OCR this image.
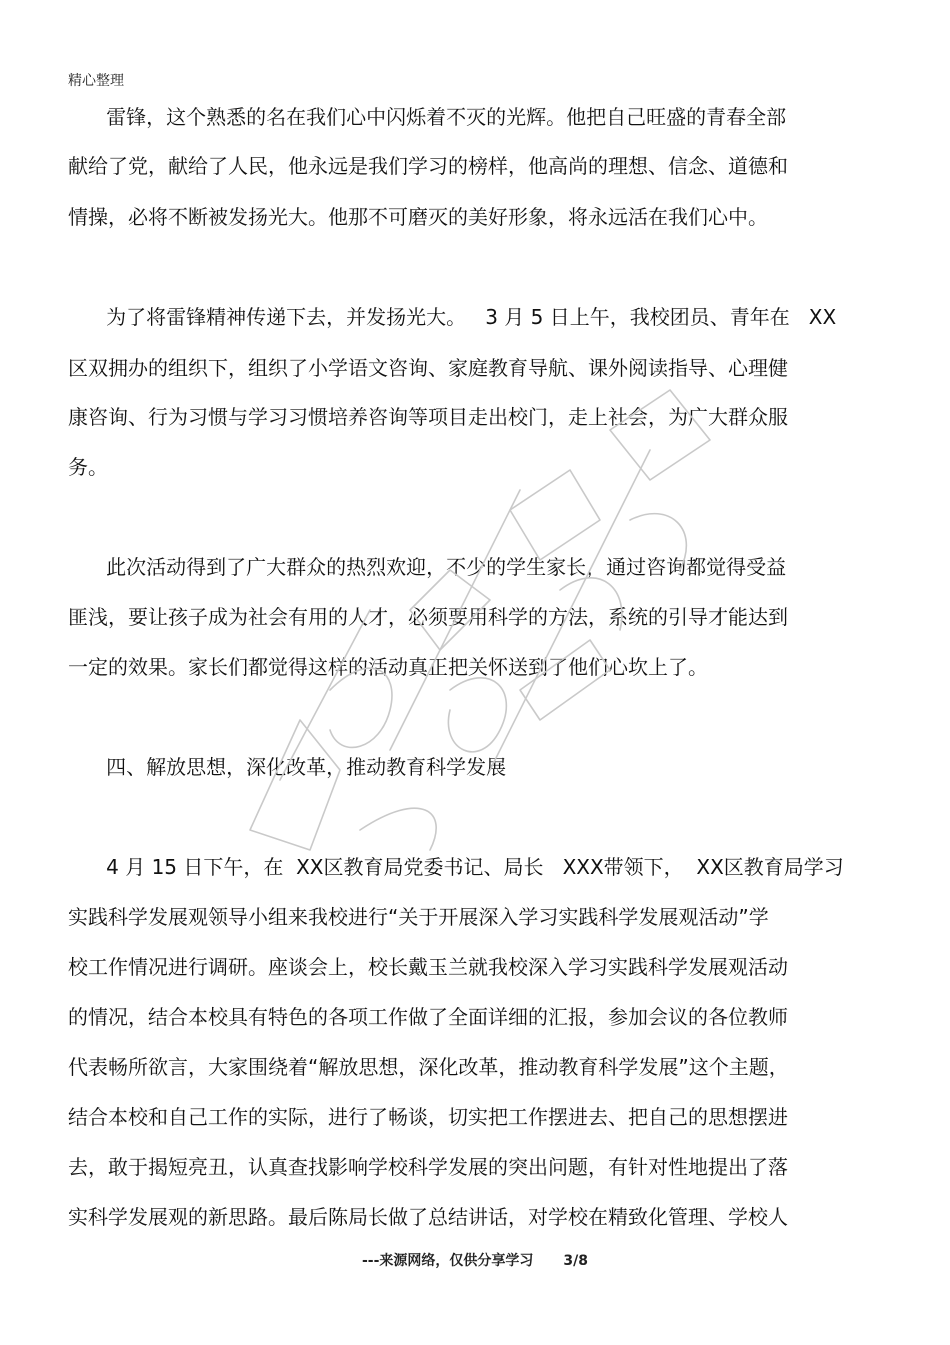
精心整理
雷锋，这个熟悉的名在我们心中闪烁着不灭的光辉。他把自己旺盛的青春全部
献给了党，献给了人民，他永远是我们学习的榜样，他高尚的理想、信念、道德和
情操，必将不断被发扬光大。他那不可磨灭的美好形象，将永远活在我们心中。
为了将雷锋精神传递下去，并发扬光大。   3 月 5 日上午，我校团员、青年在   XX
区双拥办的组织下，组织了小学语文咨询、家庭教育导航、课外阅读指导、心理健
康咨询、行为习惯与学习习惯培养咨询等项目走出校门，走上社会，为广大群众服
务。
此次活动得到了广大群众的热烈欢迎，不少的学生家长，通过咨询都觉得受益
匪浅，要让孩子成为社会有用的人才，必须要用科学的方法，系统的引导才能达到
一定的效果。家长们都觉得这样的活动真正把关怀送到了他们心坎上了。
四、解放思想，深化改革，推动教育科学发展
4 月 15 日下午，在  XX区教育局党委书记、局长   XXX带领下，  XX区教育局学习
实践科学发展观领导小组来我校进行“关于开展深入学习实践科学发展观活动”学
校工作情况进行调研。座谈会上，校长戴玉兰就我校深入学习实践科学发展观活动
的情况，结合本校具有特色的各项工作做了全面详细的汇报，参加会议的各位教师
代表畅所欲言，大家围绕着“解放思想，深化改革，推动教育科学发展”这个主题，
结合本校和自己工作的实际，进行了畅谈，切实把工作摆进去、把自己的思想摆进
去，敢于揭短亮丑，认真查找影响学校科学发展的突出问题，有针对性地提出了落
实科学发展观的新思路。最后陈局长做了总结讲话，对学校在精致化管理、学校人
---来源网络，仅供分享学习 3/8
